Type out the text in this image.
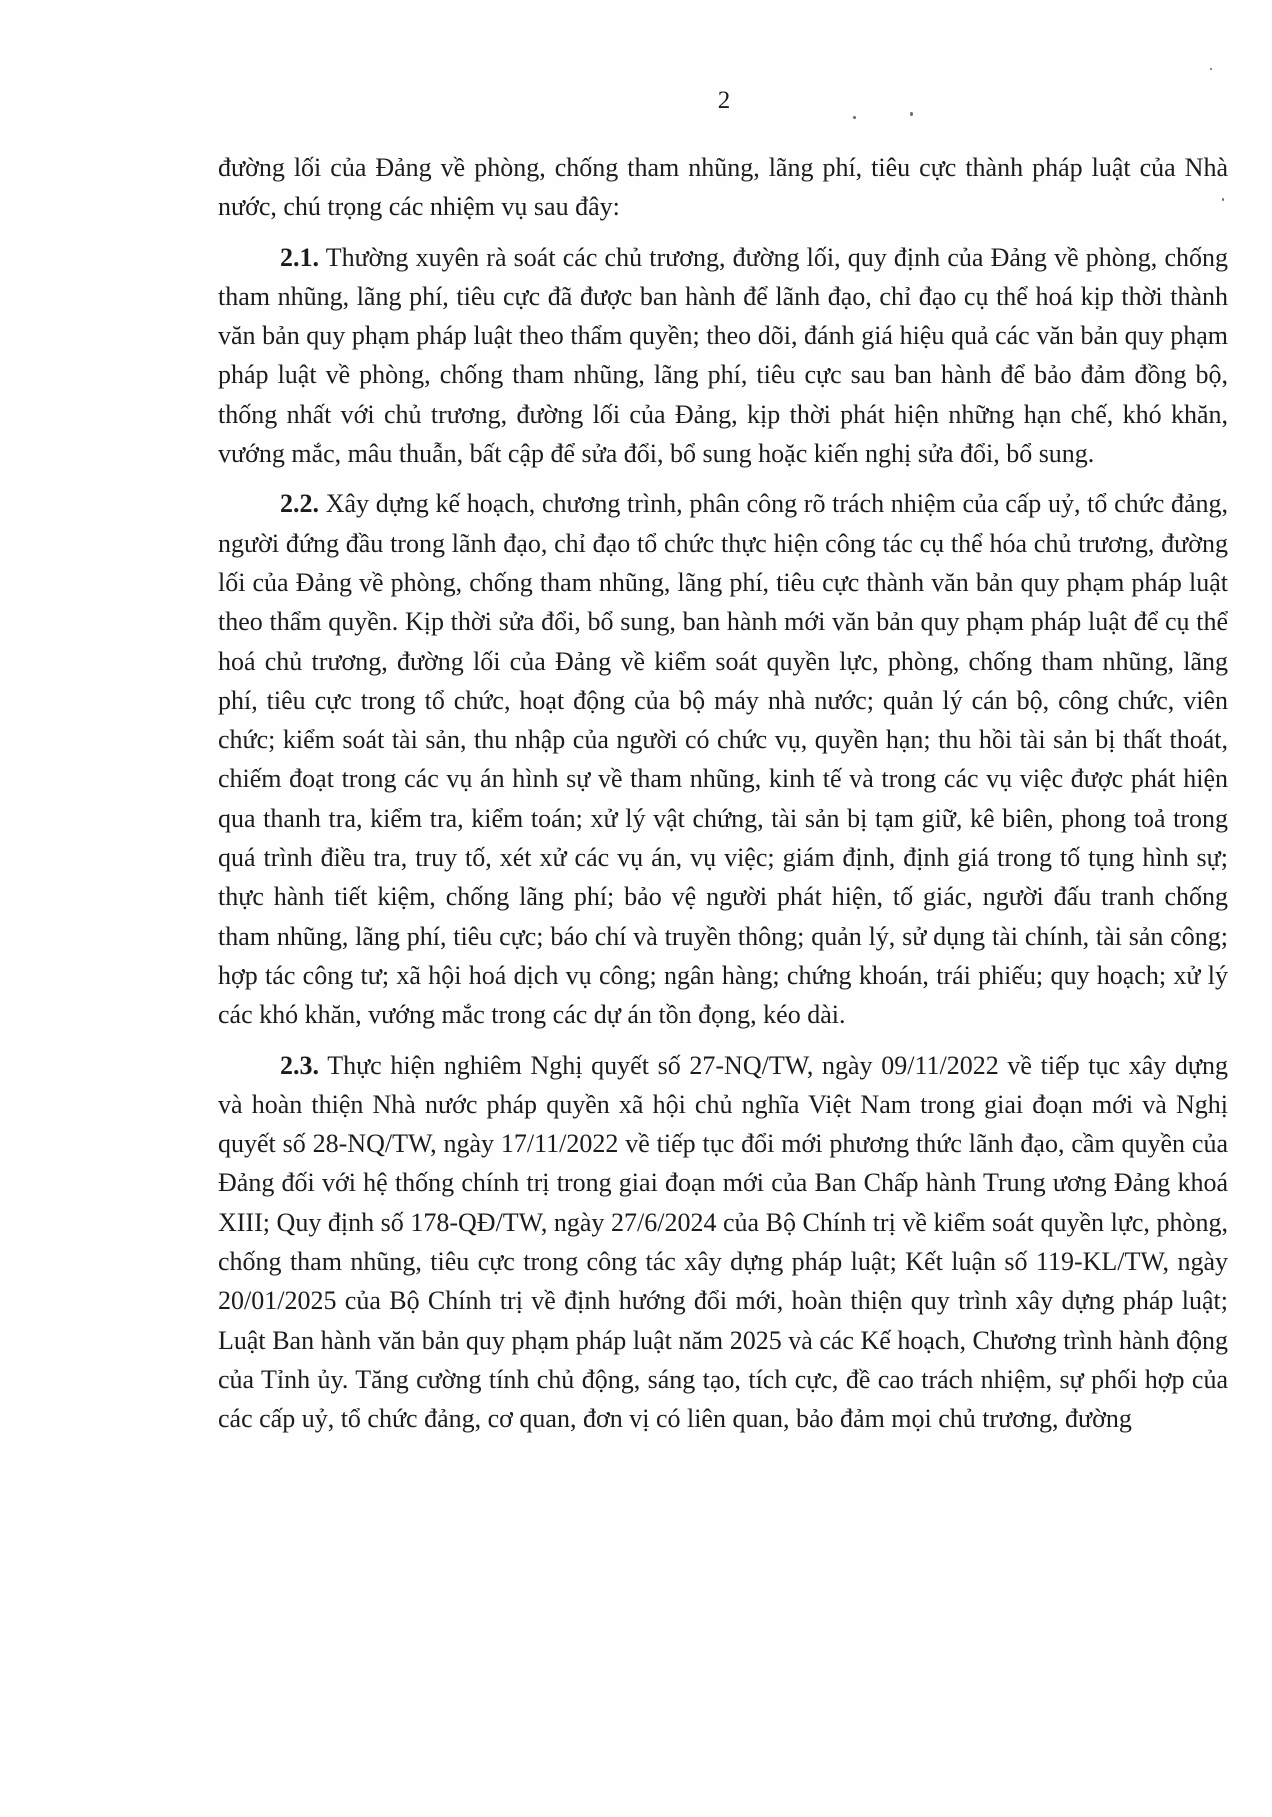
2

đường lối của Đảng về phòng, chống tham nhũng, lãng phí, tiêu cực thành pháp luật của Nhà nước, chú trọng các nhiệm vụ sau đây:

2.1. Thường xuyên rà soát các chủ trương, đường lối, quy định của Đảng về phòng, chống tham nhũng, lãng phí, tiêu cực đã được ban hành để lãnh đạo, chỉ đạo cụ thể hoá kịp thời thành văn bản quy phạm pháp luật theo thẩm quyền; theo dõi, đánh giá hiệu quả các văn bản quy phạm pháp luật về phòng, chống tham nhũng, lãng phí, tiêu cực sau ban hành để bảo đảm đồng bộ, thống nhất với chủ trương, đường lối của Đảng, kịp thời phát hiện những hạn chế, khó khăn, vướng mắc, mâu thuẫn, bất cập để sửa đổi, bổ sung hoặc kiến nghị sửa đổi, bổ sung.

2.2. Xây dựng kế hoạch, chương trình, phân công rõ trách nhiệm của cấp uỷ, tổ chức đảng, người đứng đầu trong lãnh đạo, chỉ đạo tổ chức thực hiện công tác cụ thể hóa chủ trương, đường lối của Đảng về phòng, chống tham nhũng, lãng phí, tiêu cực thành văn bản quy phạm pháp luật theo thẩm quyền. Kịp thời sửa đổi, bổ sung, ban hành mới văn bản quy phạm pháp luật để cụ thể hoá chủ trương, đường lối của Đảng về kiểm soát quyền lực, phòng, chống tham nhũng, lãng phí, tiêu cực trong tổ chức, hoạt động của bộ máy nhà nước; quản lý cán bộ, công chức, viên chức; kiểm soát tài sản, thu nhập của người có chức vụ, quyền hạn; thu hồi tài sản bị thất thoát, chiếm đoạt trong các vụ án hình sự về tham nhũng, kinh tế và trong các vụ việc được phát hiện qua thanh tra, kiểm tra, kiểm toán; xử lý vật chứng, tài sản bị tạm giữ, kê biên, phong toả trong quá trình điều tra, truy tố, xét xử các vụ án, vụ việc; giám định, định giá trong tố tụng hình sự; thực hành tiết kiệm, chống lãng phí; bảo vệ người phát hiện, tố giác, người đấu tranh chống tham nhũng, lãng phí, tiêu cực; báo chí và truyền thông; quản lý, sử dụng tài chính, tài sản công; hợp tác công tư; xã hội hoá dịch vụ công; ngân hàng; chứng khoán, trái phiếu; quy hoạch; xử lý các khó khăn, vướng mắc trong các dự án tồn đọng, kéo dài.

2.3. Thực hiện nghiêm Nghị quyết số 27-NQ/TW, ngày 09/11/2022 về tiếp tục xây dựng và hoàn thiện Nhà nước pháp quyền xã hội chủ nghĩa Việt Nam trong giai đoạn mới và Nghị quyết số 28-NQ/TW, ngày 17/11/2022 về tiếp tục đổi mới phương thức lãnh đạo, cầm quyền của Đảng đối với hệ thống chính trị trong giai đoạn mới của Ban Chấp hành Trung ương Đảng khoá XIII; Quy định số 178-QĐ/TW, ngày 27/6/2024 của Bộ Chính trị về kiểm soát quyền lực, phòng, chống tham nhũng, tiêu cực trong công tác xây dựng pháp luật; Kết luận số 119-KL/TW, ngày 20/01/2025 của Bộ Chính trị về định hướng đổi mới, hoàn thiện quy trình xây dựng pháp luật; Luật Ban hành văn bản quy phạm pháp luật năm 2025 và các Kế hoạch, Chương trình hành động của Tỉnh ủy. Tăng cường tính chủ động, sáng tạo, tích cực, đề cao trách nhiệm, sự phối hợp của các cấp uỷ, tổ chức đảng, cơ quan, đơn vị có liên quan, bảo đảm mọi chủ trương, đường
